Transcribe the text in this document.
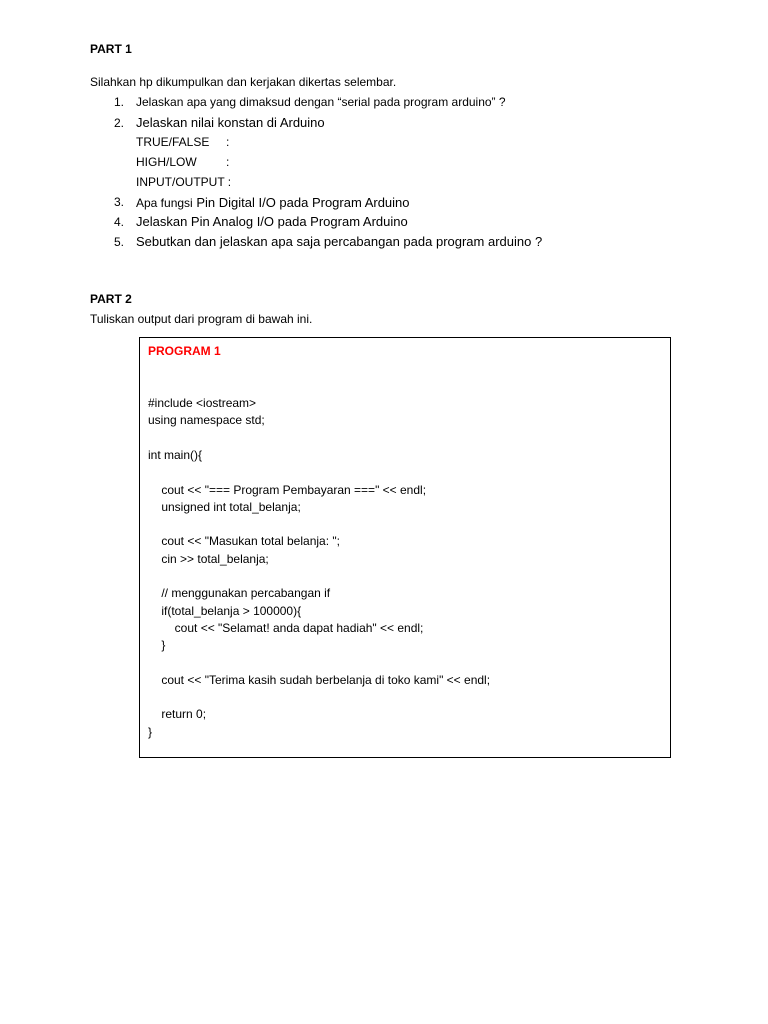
PART 1
Silahkan hp dikumpulkan dan kerjakan dikertas selembar.
1. Jelaskan apa yang dimaksud dengan “serial pada program arduino” ?
2. Jelaskan nilai konstan di Arduino
TRUE/FALSE :
HIGH/LOW :
INPUT/OUTPUT :
3. Apa fungsi Pin Digital I/O pada Program Arduino
4. Jelaskan Pin Analog I/O pada Program Arduino
5. Sebutkan dan jelaskan apa saja percabangan pada program arduino ?
PART 2
Tuliskan output dari program di bawah ini.
PROGRAM 1
#include <iostream>
using namespace std;
int main(){
cout << "=== Program Pembayaran ===" << endl;
unsigned int total_belanja;
cout << "Masukan total belanja: ";
cin >> total_belanja;
// menggunakan percabangan if
if(total_belanja > 100000){
cout << "Selamat! anda dapat hadiah" << endl;
}
cout << "Terima kasih sudah berbelanja di toko kami" << endl;
return 0;
}
